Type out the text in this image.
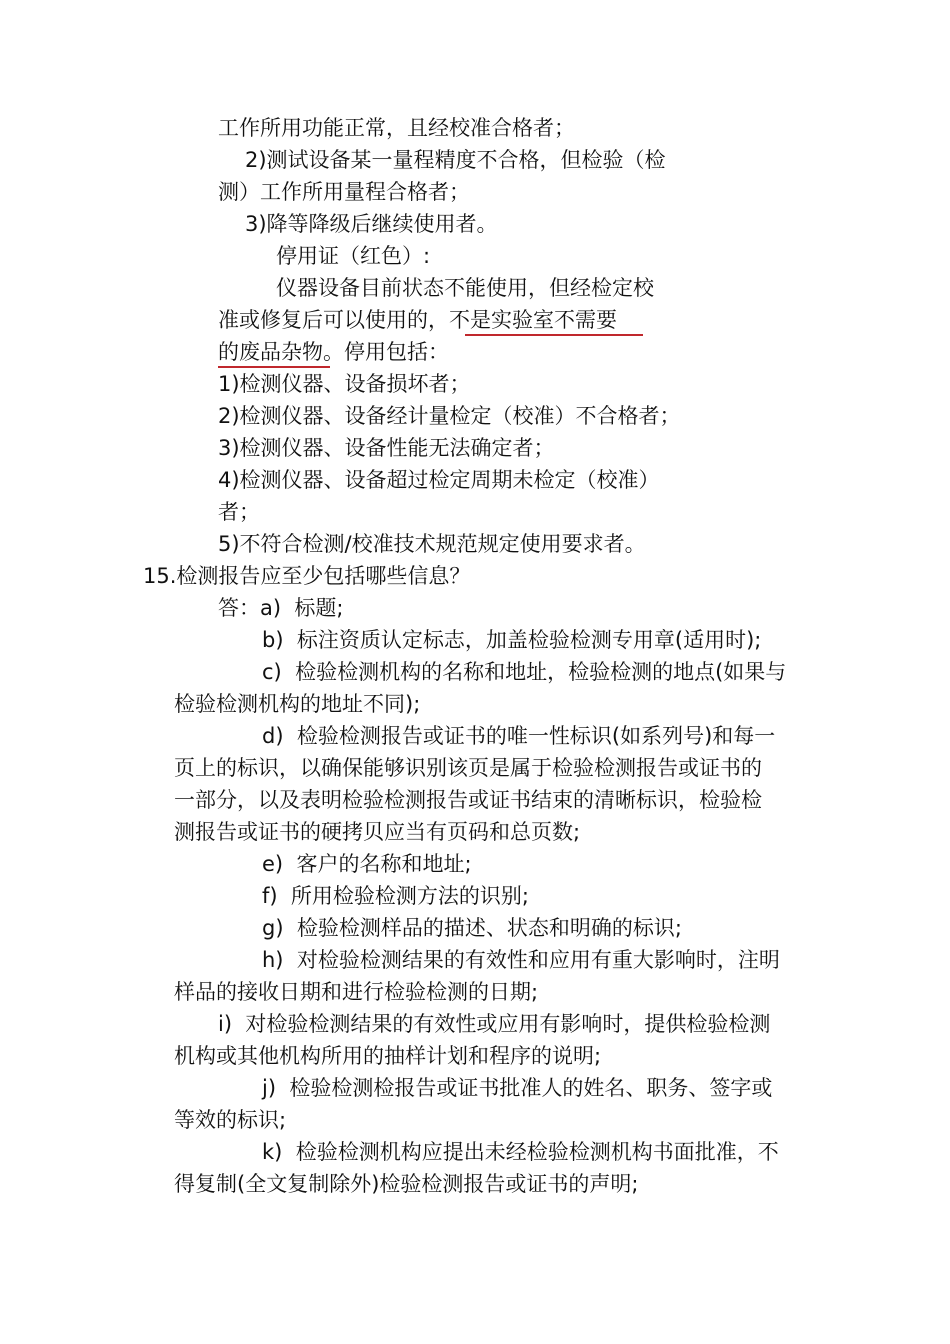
工作所用功能正常，且经校准合格者；
2)测试设备某一量程精度不合格，但检验（检
测）工作所用量程合格者；
3)降等降级后继续使用者。
停用证（红色）:
仪器设备目前状态不能使用，但经检定校
准或修复后可以使用的，不是实验室不需要
的废品杂物。停用包括：
1)检测仪器、设备损坏者；
2)检测仪器、设备经计量检定（校准）不合格者；
3)检测仪器、设备性能无法确定者；
4)检测仪器、设备超过检定周期未检定（校准）
者；
5)不符合检测/校准技术规范规定使用要求者。
15.检测报告应至少包括哪些信息？
答：a)  标题;
b)  标注资质认定标志，加盖检验检测专用章(适用时);
c)  检验检测机构的名称和地址，检验检测的地点(如果与
检验检测机构的地址不同);
d)  检验检测报告或证书的唯一性标识(如系列号)和每一
页上的标识，以确保能够识别该页是属于检验检测报告或证书的
一部分，以及表明检验检测报告或证书结束的清晰标识，检验检
测报告或证书的硬拷贝应当有页码和总页数;
e)  客户的名称和地址;
f)  所用检验检测方法的识别;
g)  检验检测样品的描述、状态和明确的标识;
h)  对检验检测结果的有效性和应用有重大影响时，注明
样品的接收日期和进行检验检测的日期;
i)  对检验检测结果的有效性或应用有影响时，提供检验检测
机构或其他机构所用的抽样计划和程序的说明;
j)  检验检测检报告或证书批准人的姓名、职务、签字或
等效的标识;
k)  检验检测机构应提出未经检验检测机构书面批准，不
得复制(全文复制除外)检验检测报告或证书的声明;
